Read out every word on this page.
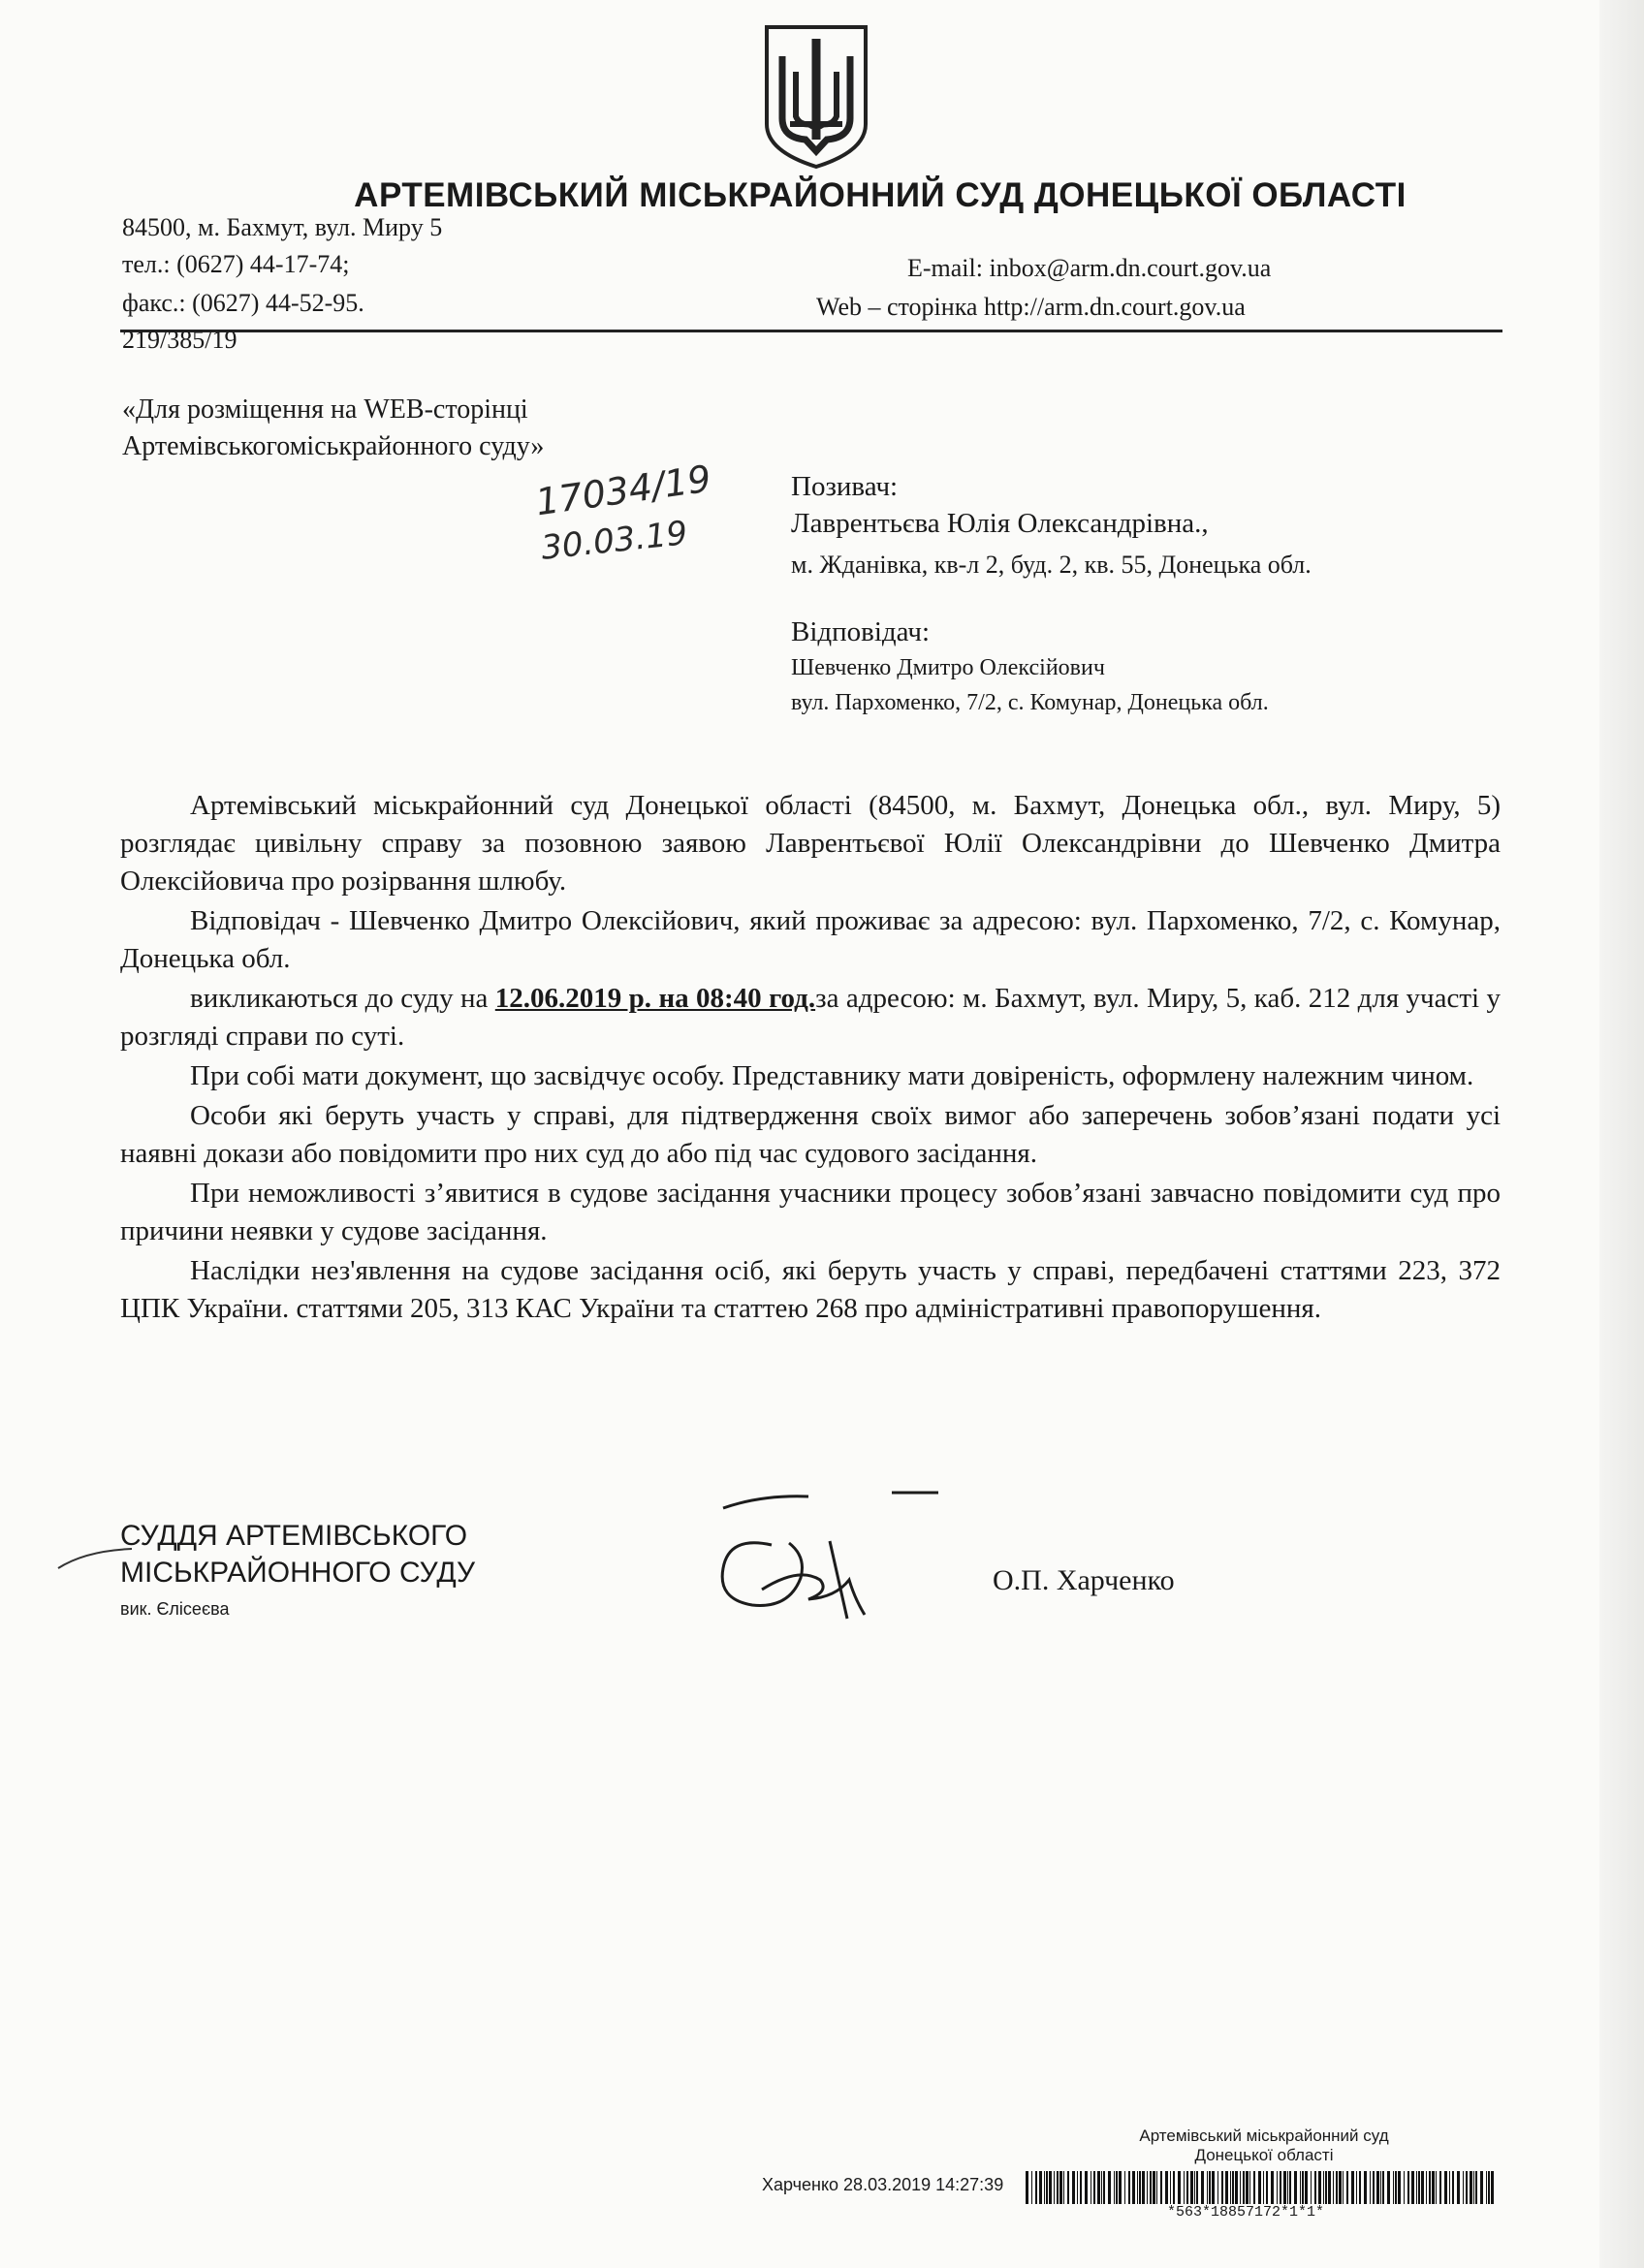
АРТЕМІВСЬКИЙ МІСЬКРАЙОННИЙ СУД ДОНЕЦЬКОЇ ОБЛАСТІ
84500, м. Бахмут, вул. Миру 5
тел.: (0627) 44-17-74;
факс.: (0627) 44-52-95.
E-mail: inbox@arm.dn.court.gov.ua
Web – сторінка http://arm.dn.court.gov.ua
219/385/19
«Для розміщення на WEB-сторінці
Артемівськогоміськрайонного суду»
17034/19
30.03.19
Позивач:
Лаврентьєва Юлія Олександрівна.,
м. Жданівка, кв-л 2, буд. 2, кв. 55, Донецька обл.
Відповідач:
Шевченко Дмитро Олексійович
вул. Пархоменко, 7/2, с. Комунар, Донецька обл.

Артемівський міськрайонний суд Донецької області (84500, м. Бахмут, Донецька обл., вул. Миру, 5) розглядає цивільну справу за позовною заявою Лаврентьєвої Юлії Олександрівни до Шевченко Дмитра Олексійовича про розірвання шлюбу.

Відповідач - Шевченко Дмитро Олексійович, який проживає за адресою: вул. Пархоменко, 7/2, с. Комунар, Донецька обл.

викликаються до суду на 12.06.2019 р. на 08:40 год.за адресою: м. Бахмут, вул. Миру, 5, каб. 212 для участі у розгляді справи по суті.

При собі мати документ, що засвідчує особу. Представнику мати довіреність, оформлену належним чином.

Особи які беруть участь у справі, для підтвердження своїх вимог або заперечень зобов’язані подати усі наявні докази або повідомити про них суд до або під час судового засідання.

При неможливості з’явитися в судове засідання учасники процесу зобов’язані завчасно повідомити суд про причини неявки у судове засідання.

Наслідки нез'явлення на судове засідання осіб, які беруть участь у справі, передбачені статтями 223, 372 ЦПК України. статтями 205, 313 КАС України та статтею 268 про адміністративні правопорушення.

СУДДЯ АРТЕМІВСЬКОГО
МІСЬКРАЙОННОГО СУДУ
вик. Єлісеєва
О.П. Харченко
Артемівський міськрайонний суд
Донецької області
Харченко 28.03.2019 14:27:39
*563*18857172*1*1*
